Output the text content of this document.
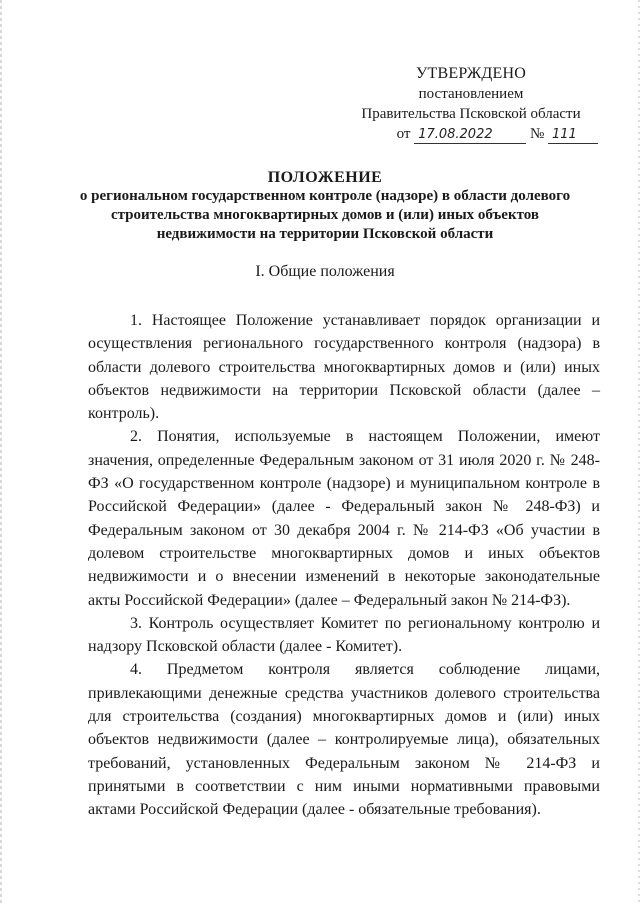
УТВЕРЖДЕНО
постановлением
Правительства Псковской области
от 17.08.2022 № 111
ПОЛОЖЕНИЕ
о региональном государственном контроле (надзоре) в области долевого
строительства многоквартирных домов и (или) иных объектов
недвижимости на территории Псковской области
I. Общие положения

1. Настоящее Положение устанавливает порядок организации и осуществления регионального государственного контроля (надзора) в области долевого строительства многоквартирных домов и (или) иных объектов недвижимости на территории Псковской области (далее – контроль).

2. Понятия, используемые в настоящем Положении, имеют значения, определенные Федеральным законом от 31 июля 2020 г. № 248-ФЗ «О государственном контроле (надзоре) и муниципальном контроле в Российской Федерации» (далее - Федеральный закон № 248-ФЗ) и Федеральным законом от 30 декабря 2004 г. № 214-ФЗ «Об участии в долевом строительстве многоквартирных домов и иных объектов недвижимости и о внесении изменений в некоторые законодательные акты Российской Федерации» (далее – Федеральный закон № 214-ФЗ).

3. Контроль осуществляет Комитет по региональному контролю и надзору Псковской области (далее - Комитет).

4. Предметом контроля является соблюдение лицами, привлекающими денежные средства участников долевого строительства для строительства (создания) многоквартирных домов и (или) иных объектов недвижимости (далее – контролируемые лица), обязательных требований, установленных Федеральным законом № 214-ФЗ и принятыми в соответствии с ним иными нормативными правовыми актами Российской Федерации (далее - обязательные требования).
